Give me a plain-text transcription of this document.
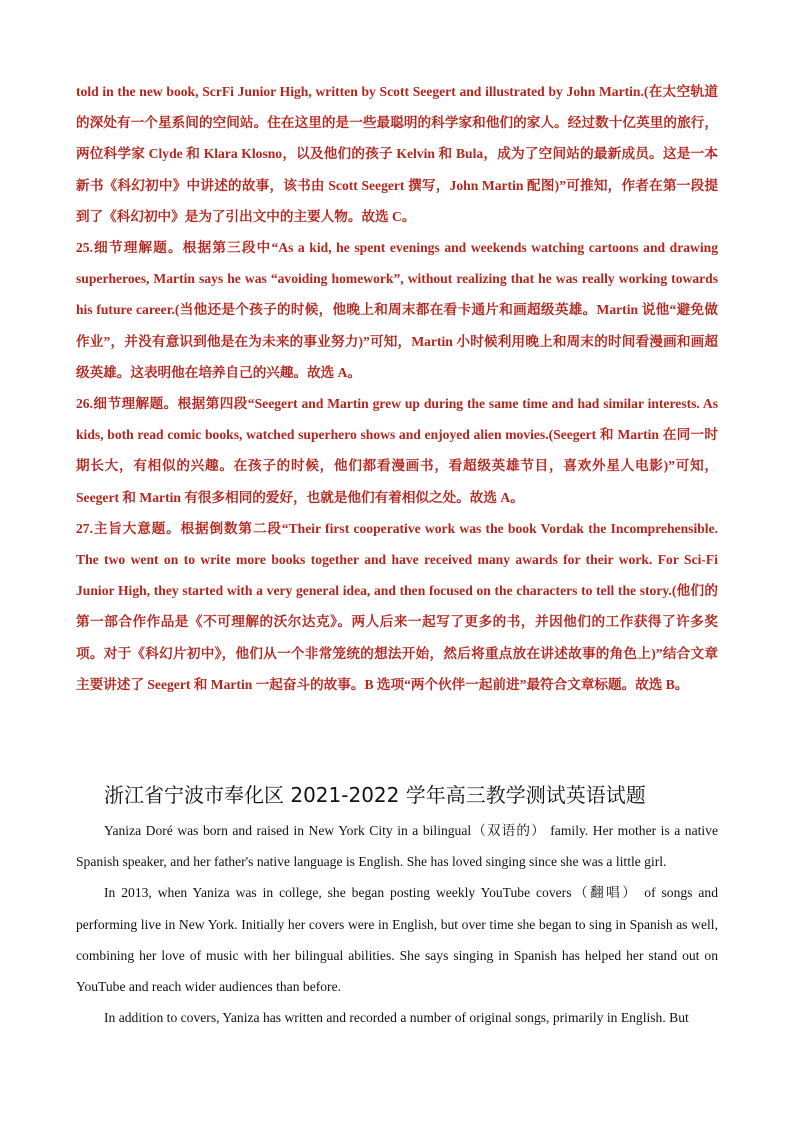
told in the new book, ScrFi Junior High, written by Scott Seegert and illustrated by John Martin.(在太空轨道的深处有一个星系间的空间站。住在这里的是一些最聪明的科学家和他们的家人。经过数十亿英里的旅行，两位科学家 Clyde 和 Klara Klosno，以及他们的孩子 Kelvin 和 Bula，成为了空间站的最新成员。这是一本新书《科幻初中》中讲述的故事，该书由 Scott Seegert 撰写，John Martin 配图)”可推知，作者在第一段提到了《科幻初中》是为了引出文中的主要人物。故选 C。

25.细节理解题。根据第三段中“As a kid, he spent evenings and weekends watching cartoons and drawing superheroes, Martin says he was “avoiding homework”, without realizing that he was really working towards his future career.(当他还是个孩子的时候，他晚上和周末都在看卡通片和画超级英雄。Martin 说他“避免做作业”，并没有意识到他是在为未来的事业努力)”可知，Martin 小时候利用晚上和周末的时间看漫画和画超级英雄。这表明他在培养自己的兴趣。故选 A。

26.细节理解题。根据第四段“Seegert and Martin grew up during the same time and had similar interests. As kids, both read comic books, watched superhero shows and enjoyed alien movies.(Seegert 和 Martin 在同一时期长大，有相似的兴趣。在孩子的时候，他们都看漫画书，看超级英雄节目，喜欢外星人电影)”可知，Seegert 和 Martin 有很多相同的爱好，也就是他们有着相似之处。故选 A。

27.主旨大意题。根据倒数第二段“Their first cooperative work was the book Vordak the Incomprehensible. The two went on to write more books together and have received many awards for their work. For Sci-Fi Junior High, they started with a very general idea, and then focused on the characters to tell the story.(他们的第一部合作作品是《不可理解的沃尔达克》。两人后来一起写了更多的书，并因他们的工作获得了许多奖项。对于《科幻片初中》，他们从一个非常笼统的想法开始，然后将重点放在讲述故事的角色上)”结合文章主要讲述了 Seegert 和 Martin 一起奋斗的故事。B 选项“两个伙伴一起前进”最符合文章标题。故选 B。

浙江省宁波市奉化区 2021-2022 学年高三教学测试英语试题

Yaniza Doré was born and raised in New York City in a bilingual（双语的） family. Her mother is a native Spanish speaker, and her father's native language is English. She has loved singing since she was a little girl.

In 2013, when Yaniza was in college, she began posting weekly YouTube covers（翻唱） of songs and performing live in New York. Initially her covers were in English, but over time she began to sing in Spanish as well, combining her love of music with her bilingual abilities. She says singing in Spanish has helped her stand out on YouTube and reach wider audiences than before.

In addition to covers, Yaniza has written and recorded a number of original songs, primarily in English. But
